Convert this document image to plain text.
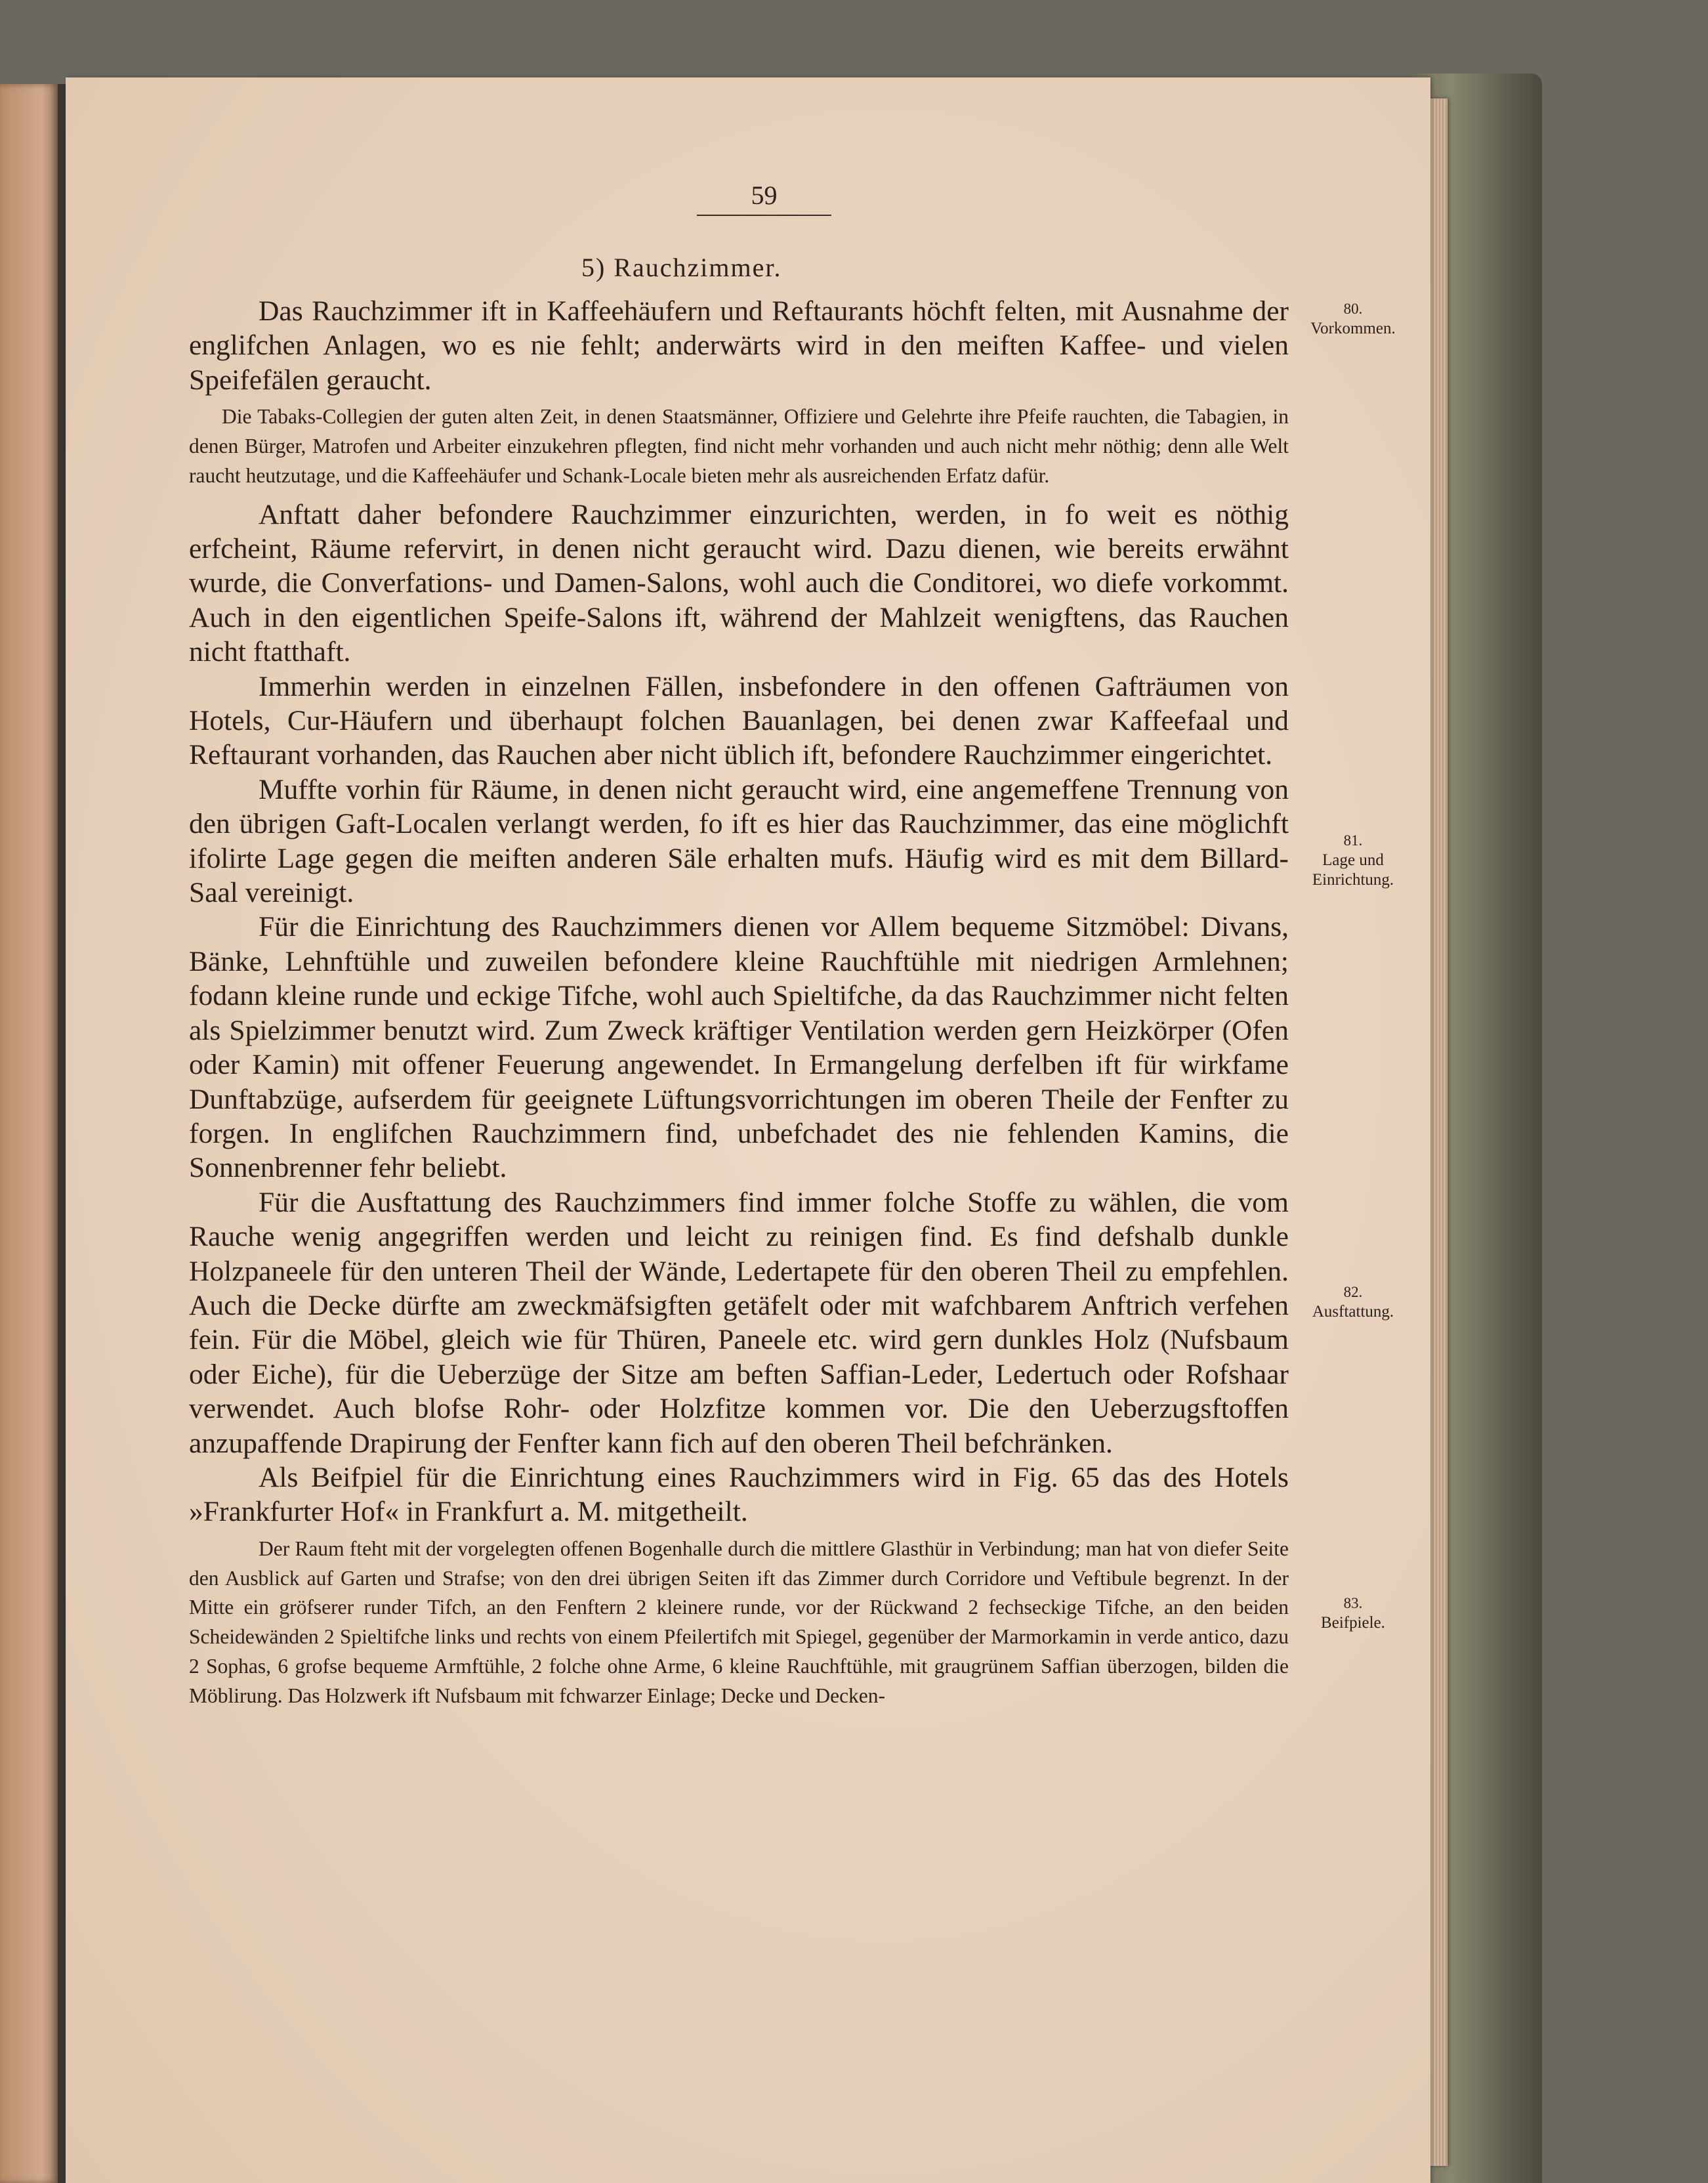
59
5) Rauchzimmer.

Das Rauchzimmer ift in Kaffeehäufern und Reftaurants höchft felten, mit Ausnahme der englifchen Anlagen, wo es nie fehlt; anderwärts wird in den meiften Kaffee- und vielen Speifefälen geraucht.

Die Tabaks-Collegien der guten alten Zeit, in denen Staatsmänner, Offiziere und Gelehrte ihre Pfeife rauchten, die Tabagien, in denen Bürger, Matrofen und Arbeiter einzukehren pflegten, find nicht mehr vorhanden und auch nicht mehr nöthig; denn alle Welt raucht heutzutage, und die Kaffeehäufer und Schank-Locale bieten mehr als ausreichenden Erfatz dafür.

Anftatt daher befondere Rauchzimmer einzurichten, werden, in fo weit es nöthig erfcheint, Räume refervirt, in denen nicht geraucht wird. Dazu dienen, wie bereits erwähnt wurde, die Converfations- und Damen-Salons, wohl auch die Conditorei, wo diefe vorkommt. Auch in den eigentlichen Speife-Salons ift, während der Mahlzeit wenigftens, das Rauchen nicht ftatthaft.

Immerhin werden in einzelnen Fällen, insbefondere in den offenen Gafträumen von Hotels, Cur-Häufern und überhaupt folchen Bauanlagen, bei denen zwar Kaffeefaal und Reftaurant vorhanden, das Rauchen aber nicht üblich ift, befondere Rauchzimmer eingerichtet.

Muffte vorhin für Räume, in denen nicht geraucht wird, eine angemeffene Trennung von den übrigen Gaft-Localen verlangt werden, fo ift es hier das Rauchzimmer, das eine möglichft ifolirte Lage gegen die meiften anderen Säle erhalten mufs. Häufig wird es mit dem Billard-Saal vereinigt.

Für die Einrichtung des Rauchzimmers dienen vor Allem bequeme Sitzmöbel: Divans, Bänke, Lehnftühle und zuweilen befondere kleine Rauchftühle mit niedrigen Armlehnen; fodann kleine runde und eckige Tifche, wohl auch Spieltifche, da das Rauchzimmer nicht felten als Spielzimmer benutzt wird. Zum Zweck kräftiger Ventilation werden gern Heizkörper (Ofen oder Kamin) mit offener Feuerung angewendet. In Ermangelung derfelben ift für wirkfame Dunftabzüge, aufserdem für geeignete Lüftungsvorrichtungen im oberen Theile der Fenfter zu forgen. In englifchen Rauchzimmern find, unbefchadet des nie fehlenden Kamins, die Sonnenbrenner fehr beliebt.

Für die Ausftattung des Rauchzimmers find immer folche Stoffe zu wählen, die vom Rauche wenig angegriffen werden und leicht zu reinigen find. Es find defshalb dunkle Holzpaneele für den unteren Theil der Wände, Ledertapete für den oberen Theil zu empfehlen. Auch die Decke dürfte am zweckmäfsigften getäfelt oder mit wafchbarem Anftrich verfehen fein. Für die Möbel, gleich wie für Thüren, Paneele etc. wird gern dunkles Holz (Nufsbaum oder Eiche), für die Ueberzüge der Sitze am beften Saffian-Leder, Ledertuch oder Rofshaar verwendet. Auch blofse Rohr- oder Holzfitze kommen vor. Die den Ueberzugsftoffen anzupaffende Drapirung der Fenfter kann fich auf den oberen Theil befchränken.

Als Beifpiel für die Einrichtung eines Rauchzimmers wird in Fig. 65 das des Hotels »Frankfurter Hof« in Frankfurt a. M. mitgetheilt.

Der Raum fteht mit der vorgelegten offenen Bogenhalle durch die mittlere Glasthür in Verbindung; man hat von diefer Seite den Ausblick auf Garten und Strafse; von den drei übrigen Seiten ift das Zimmer durch Corridore und Veftibule begrenzt. In der Mitte ein gröfserer runder Tifch, an den Fenftern 2 kleinere runde, vor der Rückwand 2 fechseckige Tifche, an den beiden Scheidewänden 2 Spieltifche links und rechts von einem Pfeilertifch mit Spiegel, gegenüber der Marmorkamin in verde antico, dazu 2 Sophas, 6 grofse bequeme Armftühle, 2 folche ohne Arme, 6 kleine Rauchftühle, mit graugrünem Saffian überzogen, bilden die Möblirung. Das Holzwerk ift Nufsbaum mit fchwarzer Einlage; Decke und Decken-

80.
Vorkommen.
81.
Lage und Einrichtung.
82.
Ausftattung.
83.
Beifpiele.
